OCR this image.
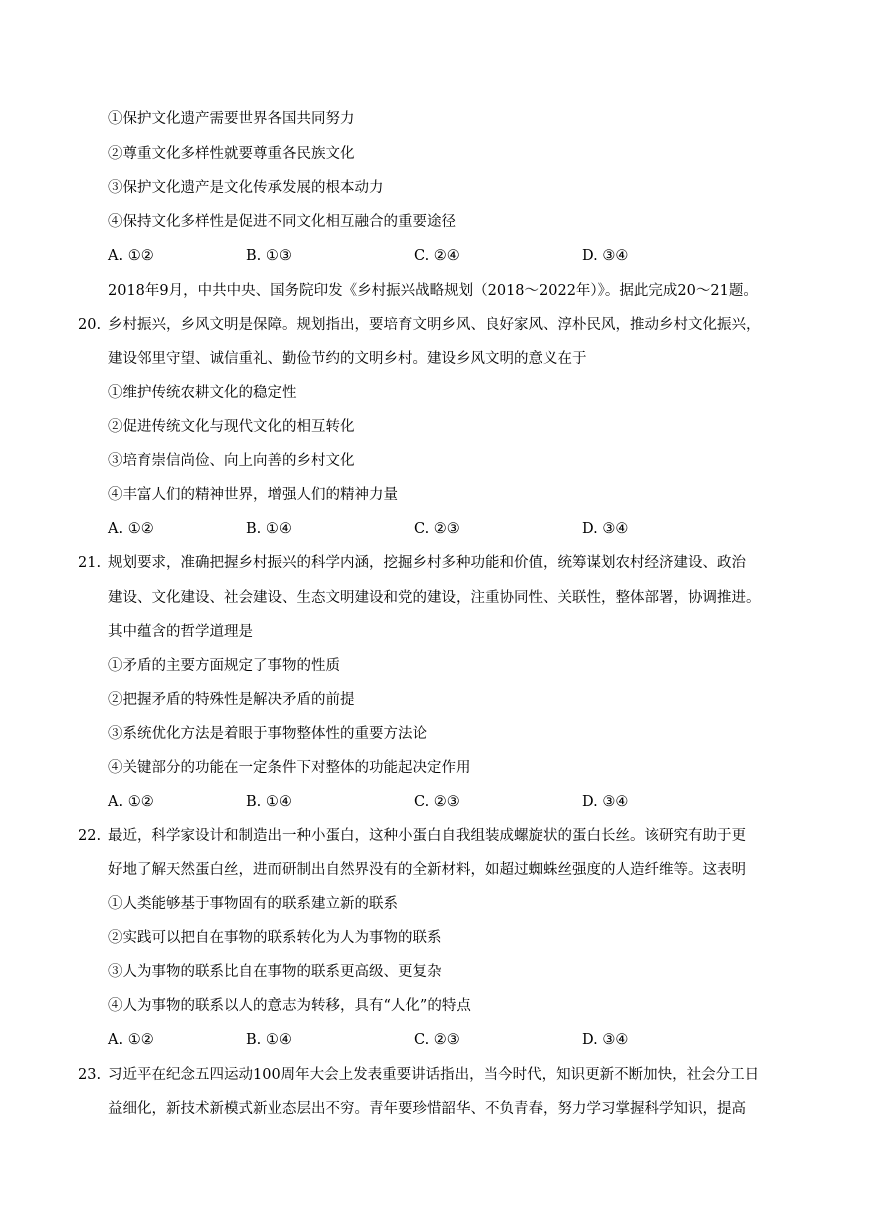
①保护文化遗产需要世界各国共同努力
②尊重文化多样性就要尊重各民族文化
③保护文化遗产是文化传承发展的根本动力
④保持文化多样性是促进不同文化相互融合的重要途径
A. ①②	B. ①③	C. ②④	D. ③④
2018年9月，中共中央、国务院印发《乡村振兴战略规划（2018～2022年）》。据此完成20～21题。
20. 乡村振兴，乡风文明是保障。规划指出，要培育文明乡风、良好家风、淳朴民风，推动乡村文化振兴，
建设邻里守望、诚信重礼、勤俭节约的文明乡村。建设乡风文明的意义在于
①维护传统农耕文化的稳定性
②促进传统文化与现代文化的相互转化
③培育崇信尚俭、向上向善的乡村文化
④丰富人们的精神世界，增强人们的精神力量
A. ①②	B. ①④	C. ②③	D. ③④
21. 规划要求，准确把握乡村振兴的科学内涵，挖掘乡村多种功能和价值，统筹谋划农村经济建设、政治
建设、文化建设、社会建设、生态文明建设和党的建设，注重协同性、关联性，整体部署，协调推进。
其中蕴含的哲学道理是
①矛盾的主要方面规定了事物的性质
②把握矛盾的特殊性是解决矛盾的前提
③系统优化方法是着眼于事物整体性的重要方法论
④关键部分的功能在一定条件下对整体的功能起决定作用
A. ①②	B. ①④	C. ②③	D. ③④
22. 最近，科学家设计和制造出一种小蛋白，这种小蛋白自我组装成螺旋状的蛋白长丝。该研究有助于更
好地了解天然蛋白丝，进而研制出自然界没有的全新材料，如超过蜘蛛丝强度的人造纤维等。这表明
①人类能够基于事物固有的联系建立新的联系
②实践可以把自在事物的联系转化为人为事物的联系
③人为事物的联系比自在事物的联系更高级、更复杂
④人为事物的联系以人的意志为转移，具有“人化”的特点
A. ①②	B. ①④	C. ②③	D. ③④
23. 习近平在纪念五四运动100周年大会上发表重要讲话指出，当今时代，知识更新不断加快，社会分工日
益细化，新技术新模式新业态层出不穷。青年要珍惜韶华、不负青春，努力学习掌握科学知识，提高
